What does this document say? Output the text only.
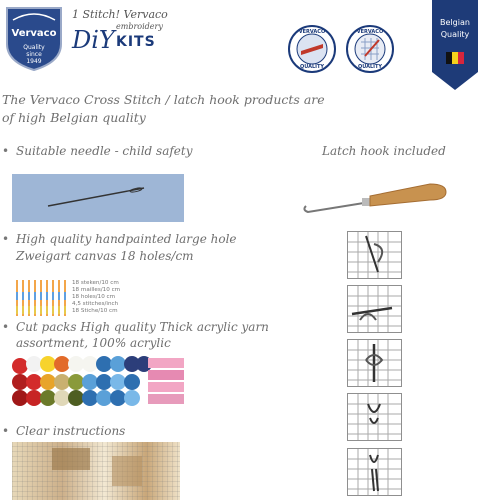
Vervaco
Quality
since
1949
1 Stitch! Vervaco
embroidery
DiY KITS
VERVACO
QUALITY
VERVACO
QUALITY
Belgian
Quality
The Vervaco Cross Stitch / latch hook products are
of high Belgian quality
• Suitable needle - child safety	Latch hook included
• High quality handpainted large hole
Zweigart canvas 18 holes/cm
18 steken/10 cm
18 mailles/10 cm
18 holes/10 cm
4,5 stitches/inch
18 Stiche/10 cm
• Cut packs High quality Thick acrylic yarn
assortment, 100% acrylic
• Clear instructions
